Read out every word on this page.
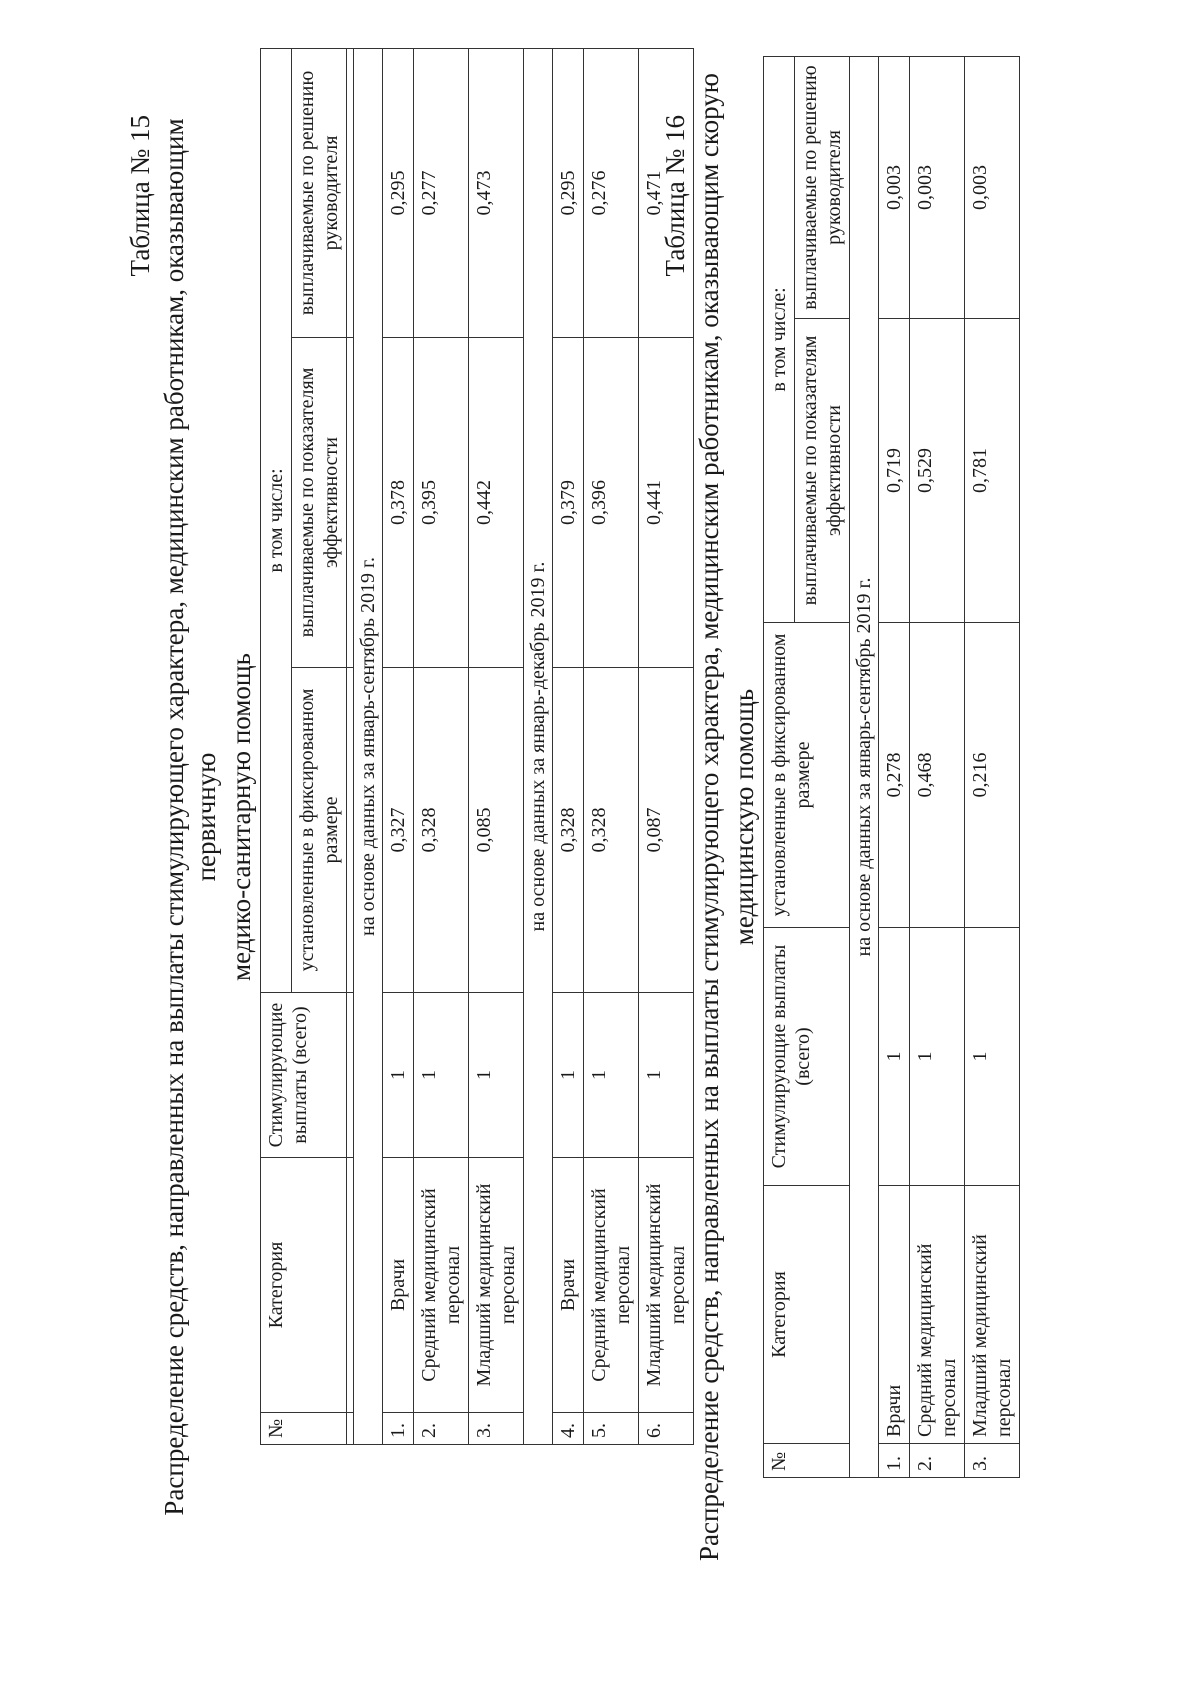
Таблица № 15 Распределение средств, направленных на выплаты стимулирующего характера, медицинским работникам, оказывающим первичную медико-санитарную помощь
№	Категория	Стимулирующие выплаты (всего)	в том числе:		
			установленные в фиксированном размере	выплачиваемые по показателям эффективности	выплачиваемые по решению руководителя

на основе данных за январь-сентябрь 2019 г.					
1.	Врачи	1	0,327	0,378	0,295
2.	Средний медицинский персонал	1	0,328	0,395	0,277
3.	Младший медицинский персонал	1	0,085	0,442	0,473
на основе данных за январь-декабрь 2019 г.					
4.	Врачи	1	0,328	0,379	0,295
5.	Средний медицинский персонал	1	0,328	0,396	0,276
6.	Младший медицинский персонал	1	0,087	0,441	0,471
Таблица № 16 Распределение средств, направленных на выплаты стимулирующего характера, медицинским работникам, оказывающим скорую медицинскую помощь
№	Категория	Стимулирующие выплаты (всего)	установленные в фиксированном размере	в том числе:	
				выплачиваемые по показателям эффективности	выплачиваемые по решению руководителя
на основе данных за январь-сентябрь 2019 г.					
1.	Врачи	1	0,278	0,719	0,003
2.	Средний медицинский персонал	1	0,468	0,529	0,003
3.	Младший медицинский персонал	1	0,216	0,781	0,003
